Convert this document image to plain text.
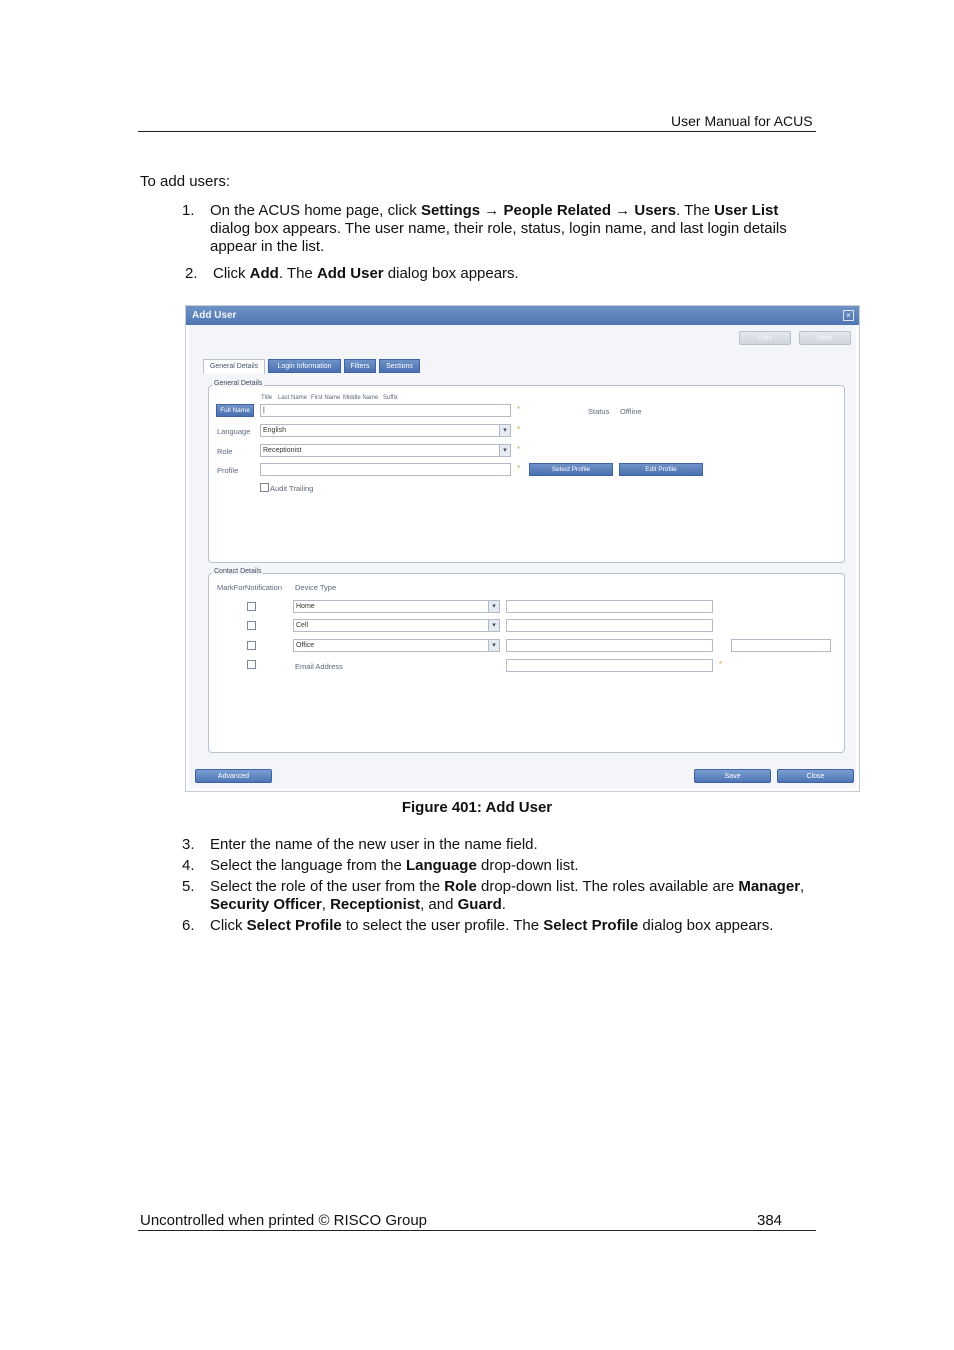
User Manual for ACUS
To add users:
1. On the ACUS home page, click Settings → People Related → Users. The User List dialog box appears. The user name, their role, status, login name, and last login details appear in the list.
2. Click Add. The Add User dialog box appears.
Add User	×
Prev	Next
General Details	Login Information	Filters	Sections
General Details
Title Last Name First Name Middle Name Suffix
Full Name	|	*	Status Offline
Language	English	▾	*
Role	Receptionist	▾	*
Profile	*	Select Profile	Edit Profile
Audit Trailing
Contact Details
MarkForNotification Device Type
Home	▾
Cell	▾
Office	▾
Email Address	*
Advanced	Save	Close
Figure 401: Add User
3. Enter the name of the new user in the name field.
4. Select the language from the Language drop-down list.
5. Select the role of the user from the Role drop-down list. The roles available are Manager, Security Officer, Receptionist, and Guard.
6. Click Select Profile to select the user profile. The Select Profile dialog box appears.
Uncontrolled when printed © RISCO Group	384
